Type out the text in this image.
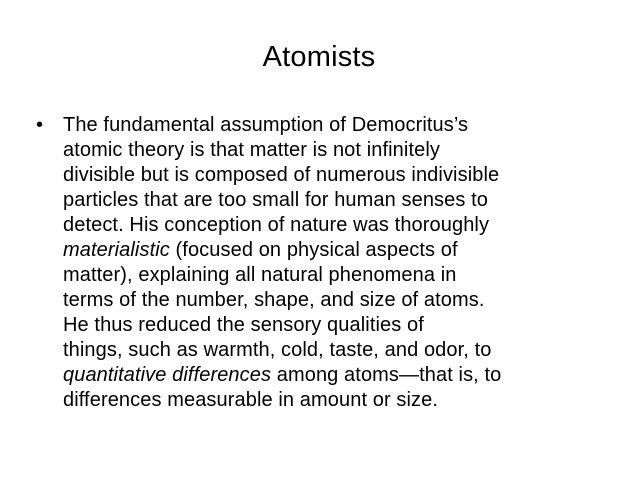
Atomists
• The fundamental assumption of Democritus’s
atomic theory is that matter is not infinitely
divisible but is composed of numerous indivisible
particles that are too small for human senses to
detect. His conception of nature was thoroughly
materialistic (focused on physical aspects of
matter), explaining all natural phenomena in
terms of the number, shape, and size of atoms.
He thus reduced the sensory qualities of
things, such as warmth, cold, taste, and odor, to
quantitative differences among atoms—that is, to
differences measurable in amount or size.
